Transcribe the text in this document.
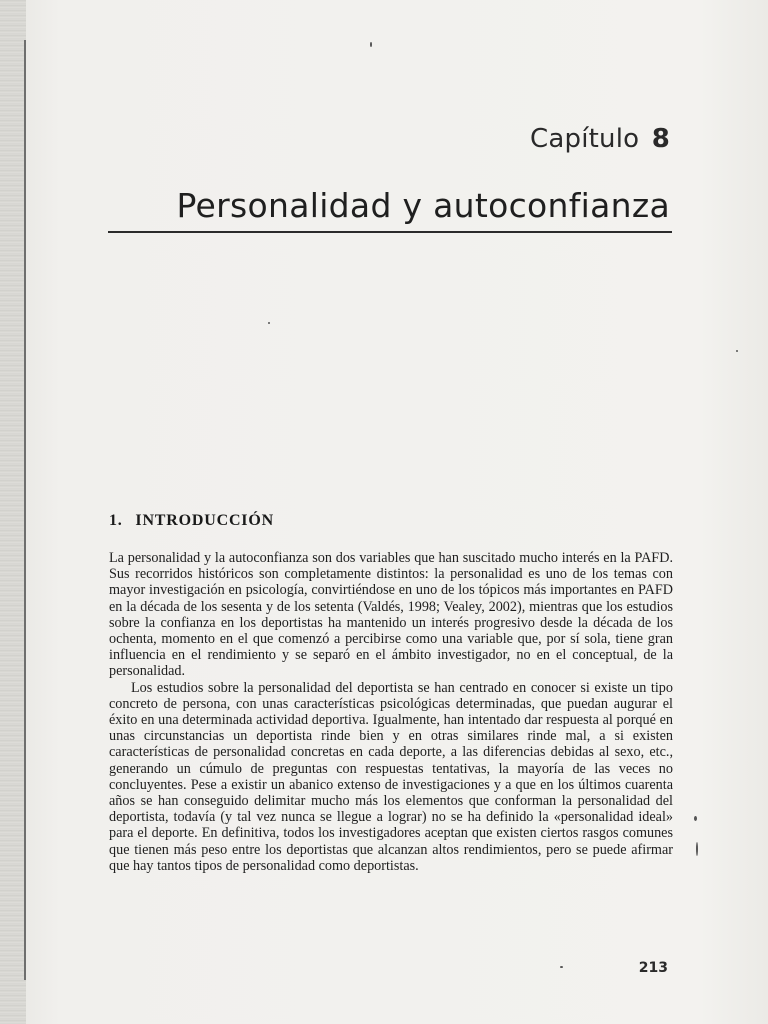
Capítulo 8
Personalidad y autoconfianza
1. INTRODUCCIÓN

La personalidad y la autoconfianza son dos variables que han suscitado mucho interés en la PAFD. Sus recorridos históricos son completamente distintos: la personalidad es uno de los temas con mayor investigación en psicología, convirtiéndose en uno de los tópicos más importantes en PAFD en la década de los sesenta y de los setenta (Valdés, 1998; Vealey, 2002), mientras que los estudios sobre la confianza en los deportistas ha mantenido un interés progresivo desde la década de los ochenta, momento en el que comenzó a percibirse como una variable que, por sí sola, tiene gran influencia en el rendimiento y se separó en el ámbito investigador, no en el conceptual, de la personalidad.

Los estudios sobre la personalidad del deportista se han centrado en conocer si existe un tipo concreto de persona, con unas características psicológicas determinadas, que puedan augurar el éxito en una determinada actividad deportiva. Igualmente, han intentado dar respuesta al porqué en unas circunstancias un deportista rinde bien y en otras similares rinde mal, a si existen características de personalidad concretas en cada deporte, a las diferencias debidas al sexo, etc., generando un cúmulo de preguntas con respuestas tentativas, la mayoría de las veces no concluyentes. Pese a existir un abanico extenso de investigaciones y a que en los últimos cuarenta años se han conseguido delimitar mucho más los elementos que conforman la personalidad del deportista, todavía (y tal vez nunca se llegue a lograr) no se ha definido la «personalidad ideal» para el deporte. En definitiva, todos los investigadores aceptan que existen ciertos rasgos comunes que tienen más peso entre los deportistas que alcanzan altos rendimientos, pero se puede afirmar que hay tantos tipos de personalidad como deportistas.

213
